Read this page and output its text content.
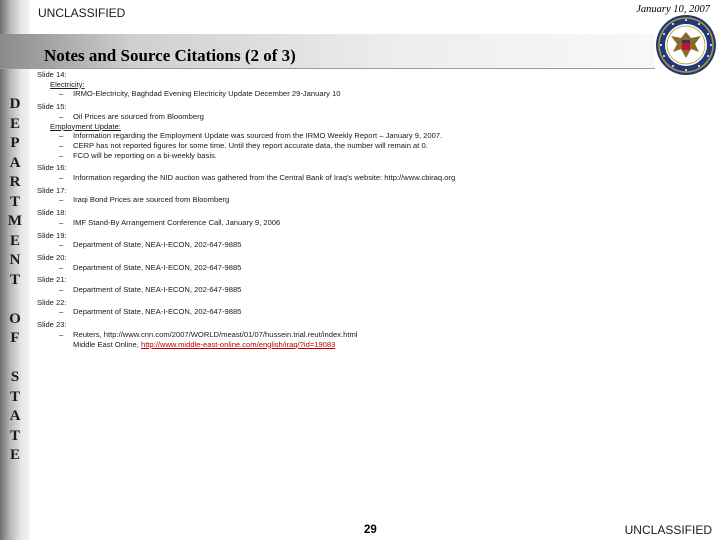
D
E
P
A
R
T
M
E
N
T

O
F

S
T
A
T
E
UNCLASSIFIED	January 10, 2007
Notes and Source Citations (2 of 3)
Slide 14:
Electricity:
–	IRMO-Electricity, Baghdad Evening Electricity Update December 29-January 10
Slide 15:
–	Oil Prices are sourced from Bloomberg
Employment Update:
–	Information regarding the Employment Update was sourced from the IRMO Weekly Report – January 9, 2007.
–	CERP has not reported figures for some time. Until they report accurate data, the number will remain at 0.
–	FCO will be reporting on a bi-weekly basis.
Slide 16:
–	Information regarding the NID auction was gathered from the Central Bank of Iraq's website: http://www.cbiraq.org
Slide 17:
–	Iraqi Bond Prices are sourced from Bloomberg
Slide 18:
–	IMF Stand-By Arrangement Conference Call, January 9, 2006
Slide 19:
–	Department of State, NEA-I-ECON, 202-647-9885
Slide 20:
–	Department of State, NEA-I-ECON, 202-647-9885
Slide 21:
–	Department of State, NEA-I-ECON, 202-647-9885
Slide 22:
–	Department of State, NEA-I-ECON, 202-647-9885
Slide 23:
–	Reuters, http://www.cnn.com/2007/WORLD/meast/01/07/hussein.trial.reut/index.html
Middle East Online, http://www.middle-east-online.com/english/iraq/?id=19083
29	UNCLASSIFIED
